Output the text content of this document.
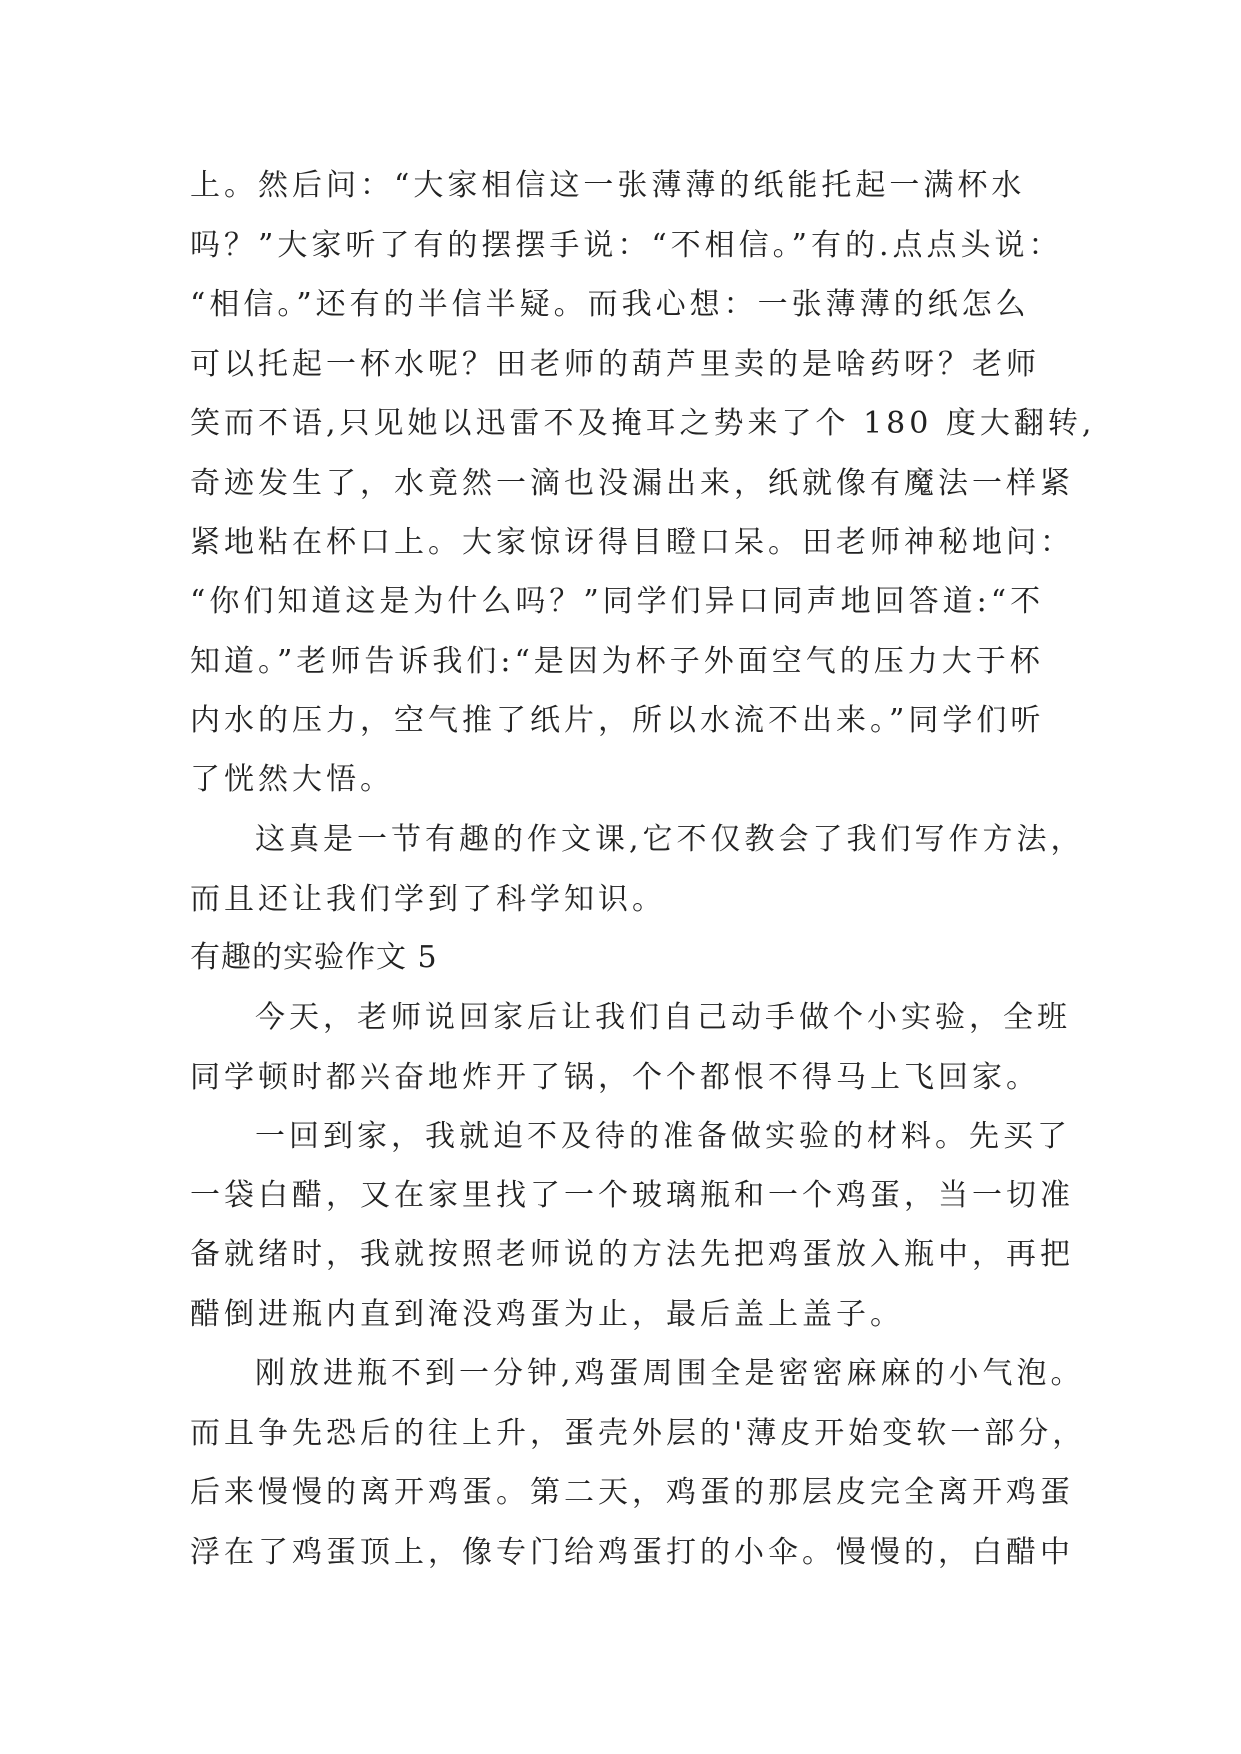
上。然后问：“大家相信这一张薄薄的纸能托起一满杯水
吗？”大家听了有的摆摆手说：“不相信。”有的.点点头说：
“相信。”还有的半信半疑。而我心想：一张薄薄的纸怎么
可以托起一杯水呢？田老师的葫芦里卖的是啥药呀？老师
笑而不语,只见她以迅雷不及掩耳之势来了个 180 度大翻转,
奇迹发生了，水竟然一滴也没漏出来，纸就像有魔法一样紧
紧地粘在杯口上。大家惊讶得目瞪口呆。田老师神秘地问：
“你们知道这是为什么吗？”同学们异口同声地回答道:“不
知道。”老师告诉我们:“是因为杯子外面空气的压力大于杯
内水的压力，空气推了纸片，所以水流不出来。”同学们听
了恍然大悟。
这真是一节有趣的作文课,它不仅教会了我们写作方法，
而且还让我们学到了科学知识。
有趣的实验作文 5
今天，老师说回家后让我们自己动手做个小实验，全班
同学顿时都兴奋地炸开了锅，个个都恨不得马上飞回家。
一回到家，我就迫不及待的准备做实验的材料。先买了
一袋白醋，又在家里找了一个玻璃瓶和一个鸡蛋，当一切准
备就绪时，我就按照老师说的方法先把鸡蛋放入瓶中，再把
醋倒进瓶内直到淹没鸡蛋为止，最后盖上盖子。
刚放进瓶不到一分钟,鸡蛋周围全是密密麻麻的小气泡。
而且争先恐后的往上升，蛋壳外层的'薄皮开始变软一部分，
后来慢慢的离开鸡蛋。第二天，鸡蛋的那层皮完全离开鸡蛋
浮在了鸡蛋顶上，像专门给鸡蛋打的小伞。慢慢的，白醋中
